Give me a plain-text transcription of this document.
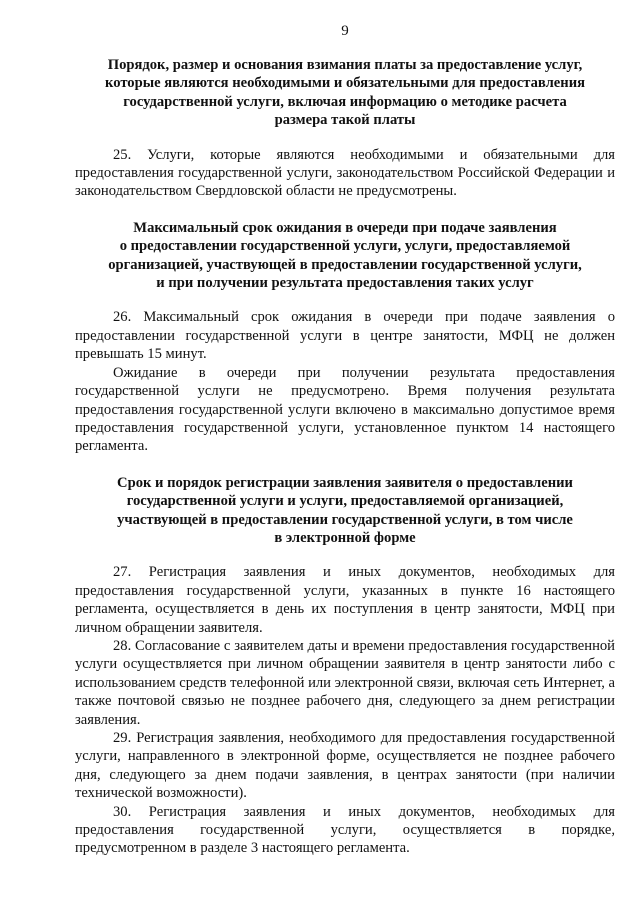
9
Порядок, размер и основания взимания платы за предоставление услуг,
которые являются необходимыми и обязательными для предоставления
государственной услуги, включая информацию о методике расчета
размера такой платы

25. Услуги, которые являются необходимыми и обязательными для предоставления государственной услуги, законодательством Российской Федерации и законодательством Свердловской области не предусмотрены.

Максимальный срок ожидания в очереди при подаче заявления
о предоставлении государственной услуги, услуги, предоставляемой
организацией, участвующей в предоставлении государственной услуги,
и при получении результата предоставления таких услуг

26. Максимальный срок ожидания в очереди при подаче заявления о предоставлении государственной услуги в центре занятости, МФЦ не должен превышать 15 минут.

Ожидание в очереди при получении результата предоставления государственной услуги не предусмотрено. Время получения результата предоставления государственной услуги включено в максимально допустимое время предоставления государственной услуги, установленное пунктом 14 настоящего регламента.

Срок и порядок регистрации заявления заявителя о предоставлении
государственной услуги и услуги, предоставляемой организацией,
участвующей в предоставлении государственной услуги, в том числе
в электронной форме

27. Регистрация заявления и иных документов, необходимых для предоставления государственной услуги, указанных в пункте 16 настоящего регламента, осуществляется в день их поступления в центр занятости, МФЦ при личном обращении заявителя.

28. Согласование с заявителем даты и времени предоставления государственной услуги осуществляется при личном обращении заявителя в центр занятости либо с использованием средств телефонной или электронной связи, включая сеть Интернет, а также почтовой связью не позднее рабочего дня, следующего за днем регистрации заявления.

29. Регистрация заявления, необходимого для предоставления государственной услуги, направленного в электронной форме, осуществляется не позднее рабочего дня, следующего за днем подачи заявления, в центрах занятости (при наличии технической возможности).

30. Регистрация заявления и иных документов, необходимых для предоставления государственной услуги, осуществляется в порядке, предусмотренном в разделе 3 настоящего регламента.
